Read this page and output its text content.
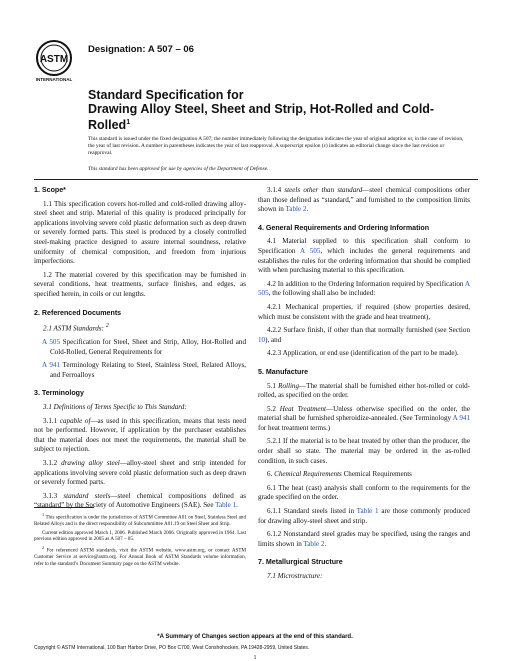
ASTM
INTERNATIONAL
Designation: A 507 – 06
Standard Specification for
Drawing Alloy Steel, Sheet and Strip, Hot-Rolled and Cold-Rolled$^1$
This standard is issued under the fixed designation A 507; the number immediately following the designation indicates the year of original adoption or, in the case of revision, the year of last revision. A number in parentheses indicates the year of last reapproval. A superscript epsilon (ε) indicates an editorial change since the last revision or reapproval.
This standard has been approved for use by agencies of the Department of Defense.
1. Scope*

1.1 This specification covers hot-rolled and cold-rolled drawing alloy-steel sheet and strip. Material of this quality is produced principally for applications involving severe cold plastic deformation such as deep drawn or severely formed parts. This steel is produced by a closely controlled steel-making practice designed to assure internal soundness, relative uniformity of chemical composition, and freedom from injurious imperfections.

1.2 The material covered by this specification may be furnished in several conditions, heat treatments, surface finishes, and edges, as specified herein, in coils or cut lengths.

2. Referenced Documents

2.1 ASTM Standards: $^2$

A 505 Specification for Steel, Sheet and Strip, Alloy, Hot-Rolled and Cold-Rolled, General Requirements for

A 941 Terminology Relating to Steel, Stainless Steel, Related Alloys, and Ferroalloys

3. Terminology

3.1 Definitions of Terms Specific to This Standard:

3.1.1 capable of—as used in this specification, means that tests need not be performed. However, if application by the purchaser establishes that the material does not meet the requirements, the material shall be subject to rejection.

3.1.2 drawing alloy steel—alloy-steel sheet and strip intended for applications involving severe cold plastic deformation such as deep drawn or severely formed parts.

3.1.3 standard steels—steel chemical compositions defined as “standard” by the Society of Automotive Engineers (SAE). See Table 1.

$^1$ This specification is under the jurisdiction of ASTM Committee A01 on Steel, Stainless Steel and Related Alloys and is the direct responsibility of Subcommittee A01.19 on Steel Sheet and Strip.

Current edition approved March 1, 2006. Published March 2006. Originally approved in 1964. Last previous edition approved in 2005 as A 507 – 05.

$^2$ For referenced ASTM standards, visit the ASTM website, www.astm.org, or contact ASTM Customer Service at service@astm.org. For Annual Book of ASTM Standards volume information, refer to the standard’s Document Summary page on the ASTM website.

3.1.4 steels other than standard—steel chemical compositions other than those defined as “standard,” and furnished to the composition limits shown in Table 2.

4. General Requirements and Ordering Information

4.1 Material supplied to this specification shall conform to Specification A 505, which includes the general requirements and establishes the rules for the ordering information that should be complied with when purchasing material to this specification.

4.2 In addition to the Ordering Information required by Specification A 505, the following shall also be included:

4.2.1 Mechanical properties, if required (show properties desired, which must be consistent with the grade and heat treatment),

4.2.2 Surface finish, if other than that normally furnished (see Section 10), and

4.2.3 Application, or end use (identification of the part to be made).

5. Manufacture

5.1 Rolling—The material shall be furnished either hot-rolled or cold-rolled, as specified on the order.

5.2 Heat Treatment—Unless otherwise specified on the order, the material shall be furnished spheroidize-annealed. (See Terminology A 941 for heat treatment terms.)

5.2.1 If the material is to be heat treated by other than the producer, the order shall so state. The material may be ordered in the as-rolled condition, in such cases.

6. Chemical Requirements Chemical Requirements

6.1 The heat (cast) analysis shall conform to the requirements for the grade specified on the order.

6.1.1 Standard steels listed in Table 1 are those commonly produced for drawing alloy-steel sheet and strip.

6.1.2 Nonstandard steel grades may be specified, using the ranges and limits shown in Table 2.

7. Metallurgical Structure

7.1 Microstructure:

*A Summary of Changes section appears at the end of this standard.
Copyright © ASTM International, 100 Barr Harbor Drive, PO Box C700, West Conshohocken, PA 19428-2959, United States.
1
